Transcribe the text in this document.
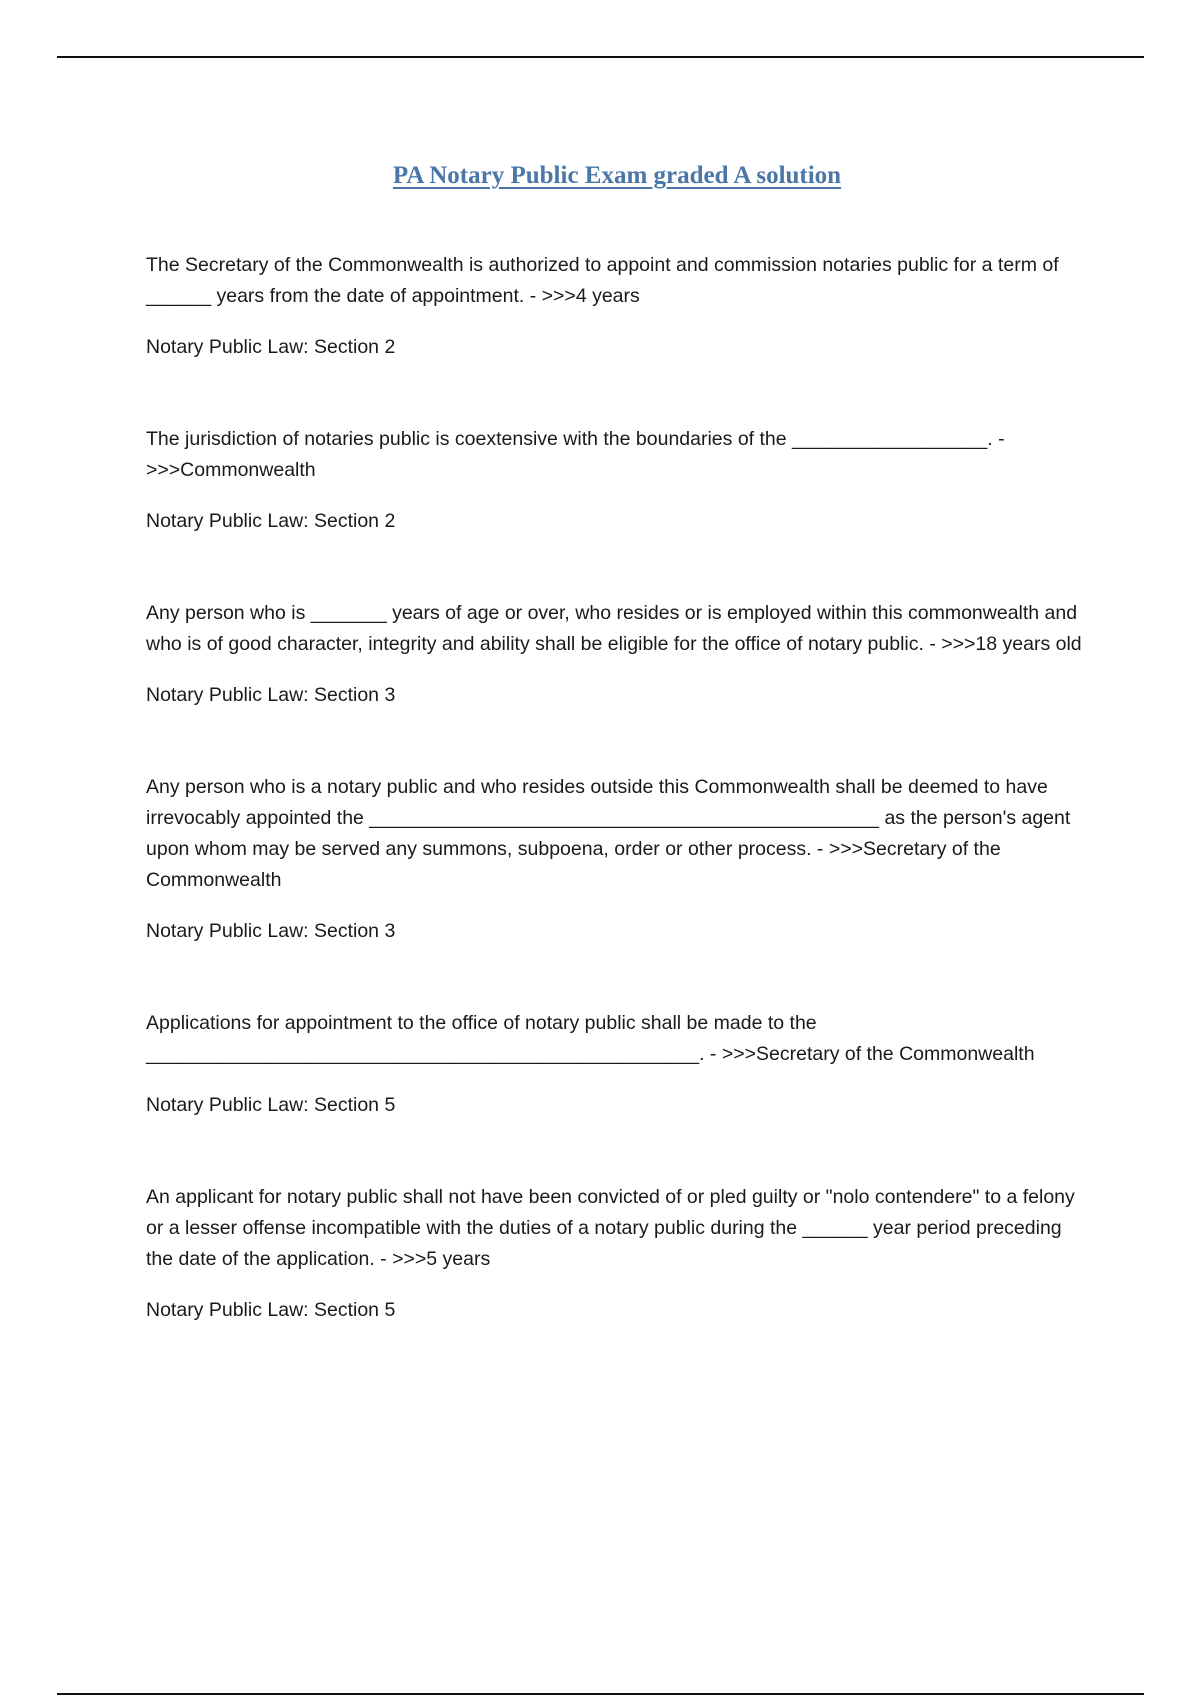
PA Notary Public Exam graded A solution

The Secretary of the Commonwealth is authorized to appoint and commission notaries public for a term of ______ years from the date of appointment. - >>>4 years

Notary Public Law: Section 2

The jurisdiction of notaries public is coextensive with the boundaries of the __________________. - >>>Commonwealth

Notary Public Law: Section 2

Any person who is _______ years of age or over, who resides or is employed within this commonwealth and who is of good character, integrity and ability shall be eligible for the office of notary public. - >>>18 years old

Notary Public Law: Section 3

Any person who is a notary public and who resides outside this Commonwealth shall be deemed to have irrevocably appointed the _______________________________________________ as the person's agent upon whom may be served any summons, subpoena, order or other process. - >>>Secretary of the Commonwealth

Notary Public Law: Section 3

Applications for appointment to the office of notary public shall be made to the ___________________________________________________. - >>>Secretary of the Commonwealth

Notary Public Law: Section 5

An applicant for notary public shall not have been convicted of or pled guilty or "nolo contendere" to a felony or a lesser offense incompatible with the duties of a notary public during the ______ year period preceding the date of the application. - >>>5 years

Notary Public Law: Section 5
